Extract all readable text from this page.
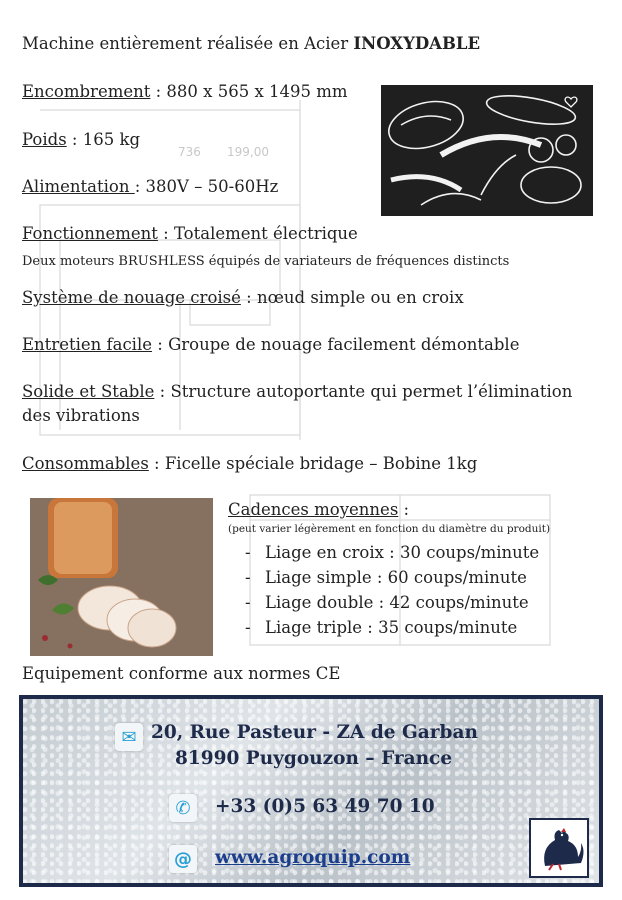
736 199,00
Machine entièrement réalisée en Acier INOXYDABLE
Encombrement : 880 x 565 x 1495 mm
Poids : 165 kg
Alimentation : 380V – 50-60Hz
Fonctionnement : Totalement électrique
Deux moteurs BRUSHLESS équipés de variateurs de fréquences distincts
Système de nouage croisé : nœud simple ou en croix
Entretien facile : Groupe de nouage facilement démontable
Solide et Stable : Structure autoportante qui permet l’élimination
des vibrations
Consommables : Ficelle spéciale bridage – Bobine 1kg
Cadences moyennes :
(peut varier légèrement en fonction du diamètre du produit)
- Liage en croix : 30 coups/minute
- Liage simple : 60 coups/minute
- Liage double : 42 coups/minute
- Liage triple : 35 coups/minute
Equipement conforme aux normes CE
✉ 20, Rue Pasteur - ZA de Garban
81990 Puygouzon – France
✆	+33 (0)5 63 49 70 10
@ www.agroquip.com
